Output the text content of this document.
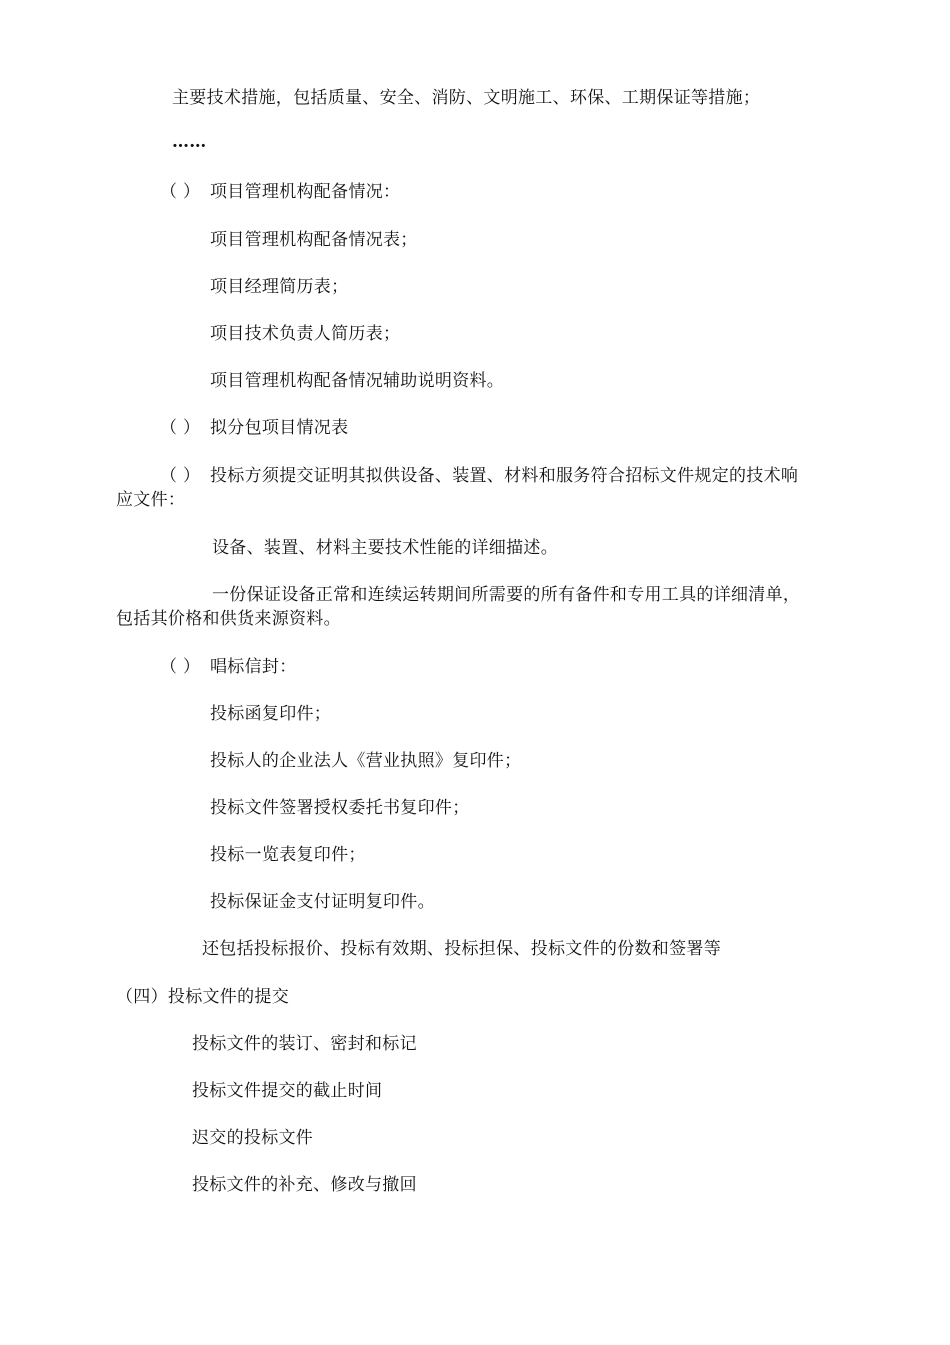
主要技术措施，包括质量、安全、消防、文明施工、环保、工期保证等措施；
……
（ ） 项目管理机构配备情况：
项目管理机构配备情况表；
项目经理简历表；
项目技术负责人简历表；
项目管理机构配备情况辅助说明资料。
（ ） 拟分包项目情况表
（ ） 投标方须提交证明其拟供设备、装置、材料和服务符合招标文件规定的技术响
应文件：
设备、装置、材料主要技术性能的详细描述。
一份保证设备正常和连续运转期间所需要的所有备件和专用工具的详细清单，
包括其价格和供货来源资料。
（ ） 唱标信封：
投标函复印件；
投标人的企业法人《营业执照》复印件；
投标文件签署授权委托书复印件；
投标一览表复印件；
投标保证金支付证明复印件。
还包括投标报价、投标有效期、投标担保、投标文件的份数和签署等
（四）投标文件的提交
投标文件的装订、密封和标记
投标文件提交的截止时间
迟交的投标文件
投标文件的补充、修改与撤回
